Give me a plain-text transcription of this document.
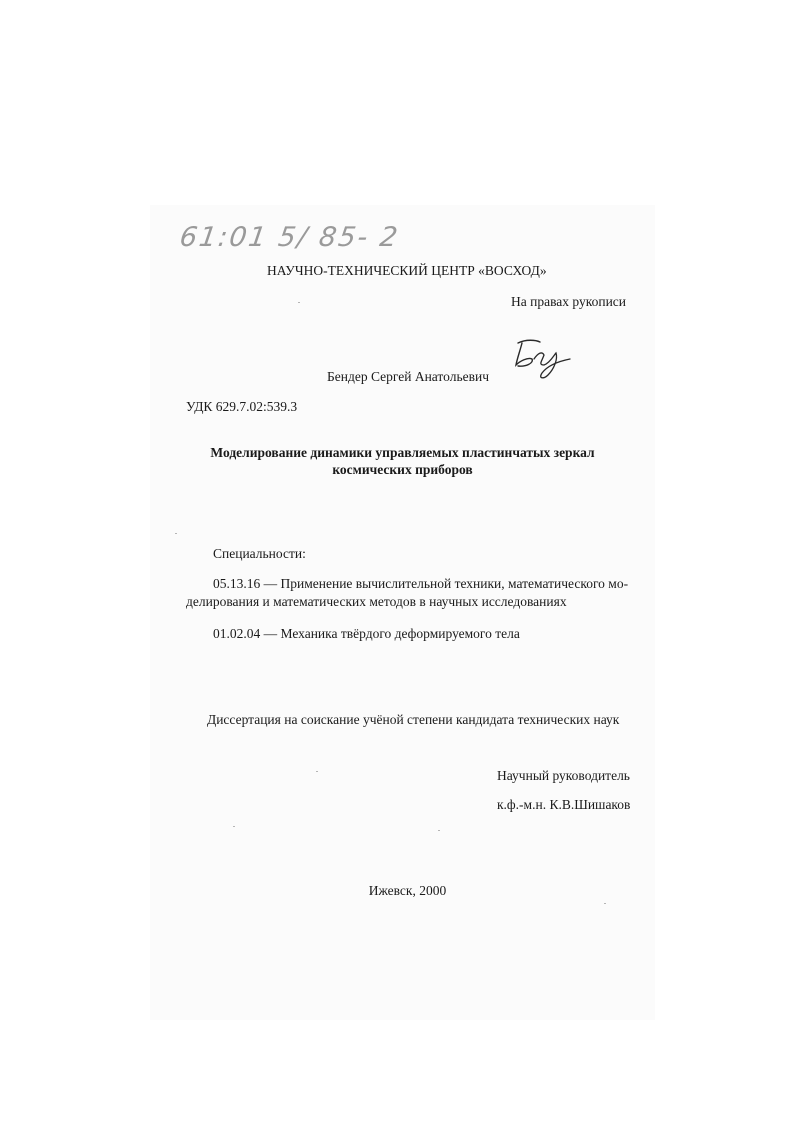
61:01 5/ 85- 2
НАУЧНО-ТЕХНИЧЕСКИЙ ЦЕНТР «ВОСХОД»
На правах рукописи
Бендер Сергей Анатольевич
УДК 629.7.02:539.3
Моделирование динамики управляемых пластинчатых зеркал
космических приборов
Специальности:
05.13.16 — Применение вычислительной техники, математического мо-
делирования и математических методов в научных исследованиях
01.02.04 — Механика твёрдого деформируемого тела
Диссертация на соискание учёной степени кандидата технических наук
Научный руководитель
к.ф.-м.н. К.В.Шишаков
Ижевск, 2000
